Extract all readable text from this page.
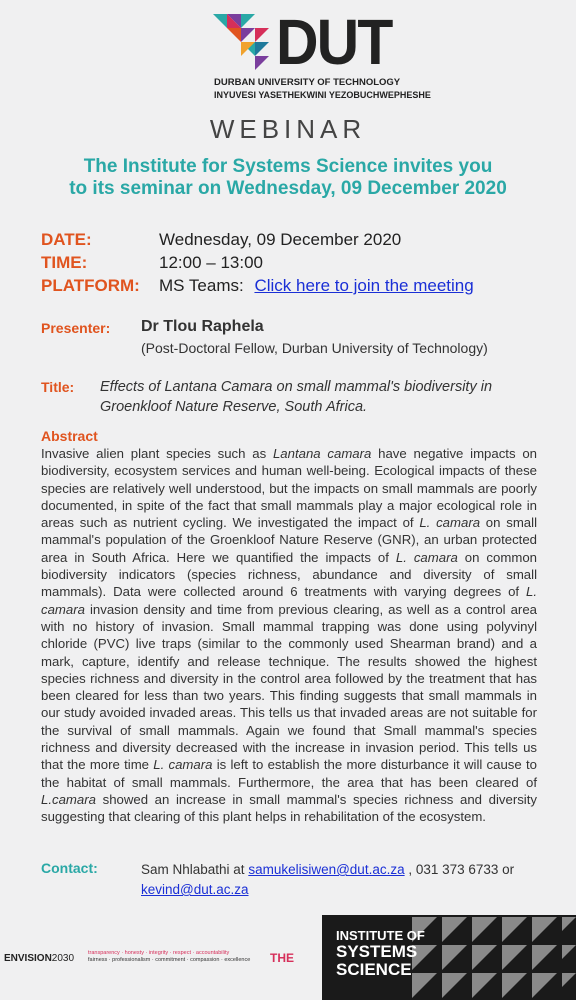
DUT
DURBAN UNIVERSITY OF TECHNOLOGY
INYUVESI YASETHEKWINI YEZOBUCHWEPHESHE
WEBINAR
The Institute for Systems Science invites you
to its seminar on Wednesday, 09 December 2020
DATE:	Wednesday, 09 December 2020
TIME:	12:00 – 13:00
PLATFORM: MS Teams: Click here to join the meeting
Presenter: Dr Tlou Raphela
(Post-Doctoral Fellow, Durban University of Technology)
Title: Effects of Lantana Camara on small mammal's biodiversity in
Groenkloof Nature Reserve, South Africa.
Abstract
Invasive alien plant species such as Lantana camara have negative impacts on biodiversity, ecosystem services and human well-being. Ecological impacts of these species are relatively well understood, but the impacts on small mammals are poorly documented, in spite of the fact that small mammals play a major ecological role in areas such as nutrient cycling. We investigated the impact of L. camara on small mammal's population of the Groenkloof Nature Reserve (GNR), an urban protected area in South Africa. Here we quantified the impacts of L. camara on common biodiversity indicators (species richness, abundance and diversity of small mammals). Data were collected around 6 treatments with varying degrees of L. camara invasion density and time from previous clearing, as well as a control area with no history of invasion. Small mammal trapping was done using polyvinyl chloride (PVC) live traps (similar to the commonly used Shearman brand) and a mark, capture, identify and release technique. The results showed the highest species richness and diversity in the control area followed by the treatment that has been cleared for less than two years. This finding suggests that small mammals in our study avoided invaded areas. This tells us that invaded areas are not suitable for the survival of small mammals. Again we found that Small mammal's species richness and diversity decreased with the increase in invasion period. This tells us that the more time L. camara is left to establish the more disturbance it will cause to the habitat of small mammals. Furthermore, the area that has been cleared of L.camara showed an increase in small mammal's species richness and diversity suggesting that clearing of this plant helps in rehabilitation of the ecosystem.
Contact:	Sam Nhlabathi at samukelisiwen@dut.ac.za , 031 373 6733 or
kevind@dut.ac.za
ENVISION2030	transparency · honesty · integrity · respect · accountability
fairness · professionalism · commitment · compassion · excellence THE
INSTITUTE OF
SYSTEMS
SCIENCE
